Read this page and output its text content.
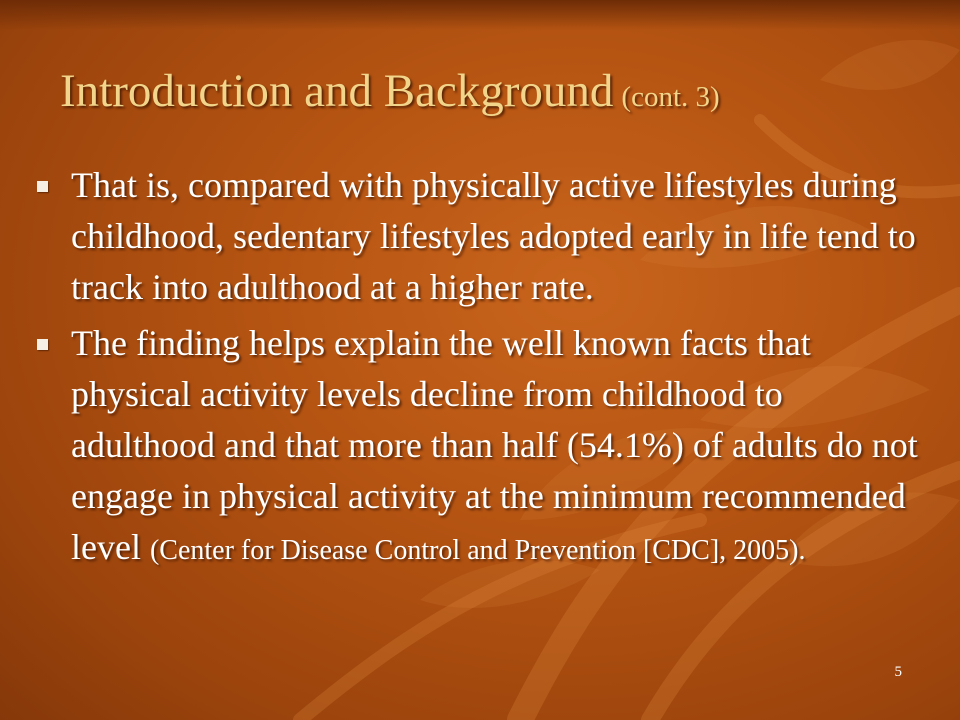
Introduction and Background (cont. 3)
That is, compared with physically active lifestyles during childhood, sedentary lifestyles adopted early in life tend to track into adulthood at a higher rate.
The finding helps explain the well known facts that physical activity levels decline from childhood to adulthood and that more than half (54.1%) of adults do not engage in physical activity at the minimum recommended level (Center for Disease Control and Prevention [CDC], 2005).
5
